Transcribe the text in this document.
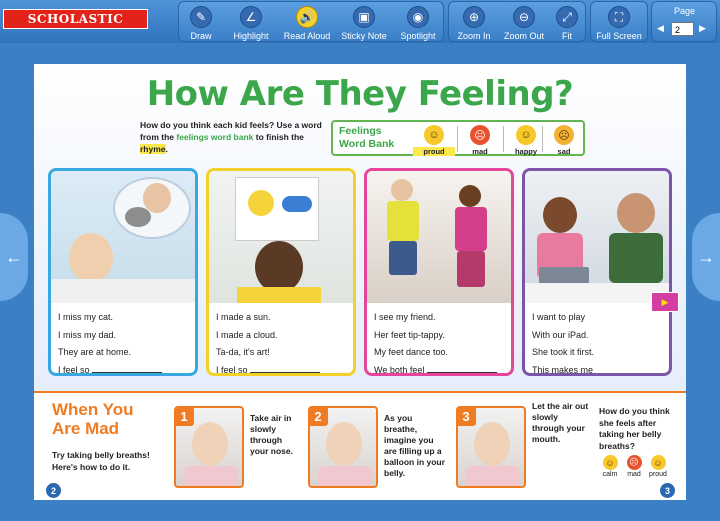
SCHOLASTIC	✎
Draw
∠
Highlight
🔊
Read Aloud
▣
Sticky Note
◉
Spotlight
⊕
Zoom In
⊖
Zoom Out
⤢
Fit
⛶
Full Screen
Page
◀	2	▶
←	→
How Are They Feeling?
How do you think each kid feels? Use a word from the feelings word bank to finish the rhyme.
Feelings Word Bank
☺
proud
☹
mad
☺
happy
☹
sad
I miss my cat.
I miss my dad.
They are at home.
I feel so
I made a sun.
I made a cloud.
Ta-da, it's art!
I feel so
I see my friend.
Her feet tip-tappy.
My feet dance too.
We both feel
I want to play
With our iPad.
She took it first.
This makes me
▶
When You
Are Mad
Try taking belly breaths! Here's how to do it.
1	Take air in slowly through your nose.
2	As you breathe, imagine you are filling up a balloon in your belly.
3
Let the air out slowly through your mouth.
How do you think she feels after taking her belly breaths?
☺
calm
☹
mad
☺
proud
2	3
